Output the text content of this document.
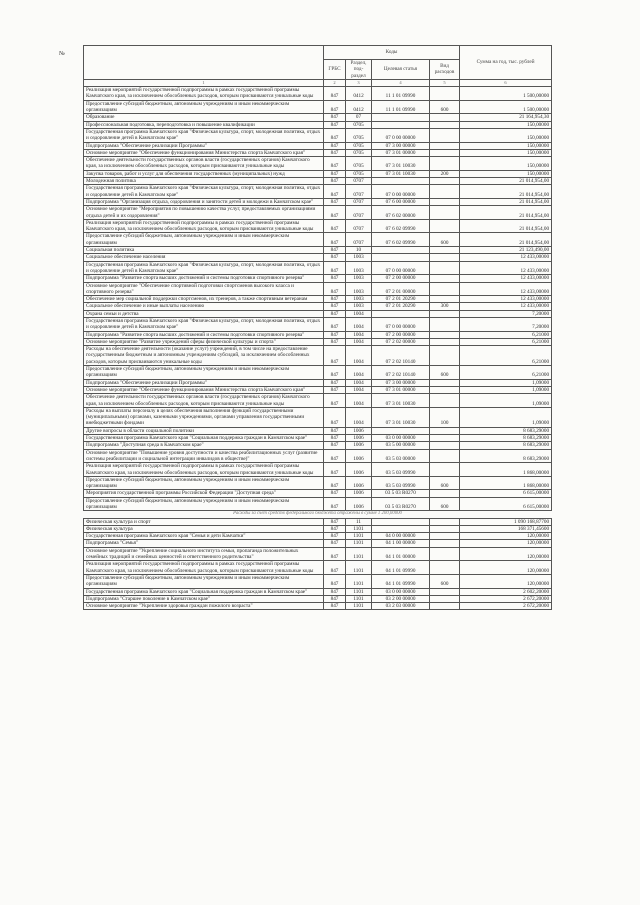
№
		Коды				Сумма на год, тыс. рублей
	ГРБС	Раздел, под- раздел	Целевая статья	Вид расходов	
1	2	3	4	5	6
Реализация мероприятий государственной подпрограммы в рамках государственной программы Камчатского края, за исключением обособленных расходов, которым присваиваются уникальные коды	847	0412	11 1 01 09990		1 500,00000
Предоставление субсидий бюджетным, автономным учреждениям и иным некоммерческим организациям	847	0412	11 1 01 09990	600	1 500,00000
Образование	847	07			21 164,954,30
Профессиональная подготовка, переподготовка и повышение квалификации	847	0705			150,00000
Государственная программа Камчатского края "Физическая культура, спорт, молодежная политика, отдых и оздоровление детей в Камчатском крае"	847	0705	07 0 00 00000		150,00000
Подпрограмма "Обеспечение реализации Программы"	847	0705	07 3 00 00000		150,00000
Основное мероприятие "Обеспечение функционирования Министерства спорта Камчатского края"	847	0705	07 3 01 00000		150,00000
Обеспечение деятельности государственных органов власти (государственных органов) Камчатского края, за исключением обособленных расходов, которым присваиваются уникальные коды	847	0705	07 3 01 10030		150,00000
Закупка товаров, работ и услуг для обеспечения государственных (муниципальных) нужд	847	0705	07 3 01 10030	200	150,00000
Молодежная политика	847	0707			21 014,954,00
Государственная программа Камчатского края "Физическая культура, спорт, молодежная политика, отдых и оздоровление детей в Камчатском крае"	847	0707	07 0 00 00000		21 014,954,00
Подпрограмма "Организация отдыха, оздоровления и занятости детей и молодежи в Камчатском крае"	847	0707	07 6 00 00000		21 014,954,00
Основное мероприятие "Мероприятия по повышению качества услуг, предоставляемых организациями отдыха детей и их оздоровления"	847	0707	07 6 02 00000		21 014,954,00
Реализация мероприятий государственной подпрограммы в рамках государственной программы Камчатского края, за исключением обособленных расходов, которым присваиваются уникальные коды	847	0707	07 6 02 09990		21 014,954,00
Предоставление субсидий бюджетным, автономным учреждениям и иным некоммерческим организациям	847	0707	07 6 02 09990	600	21 014,954,00
Социальная политика	847	10			21 123,490,00
Социальное обеспечение населения	847	1003			12 433,00000
Государственная программа Камчатского края "Физическая культура, спорт, молодежная политика, отдых и оздоровление детей в Камчатском крае"	847	1003	07 0 00 00000		12 433,00000
Подпрограмма "Развитие спорта высших достижений и системы подготовки спортивного резерва"	847	1003	07 2 00 00000		12 433,00000
Основное мероприятие "Обеспечение спортивной подготовки спортсменов высокого класса и спортивного резерва"	847	1003	07 2 01 00000		12 433,00000
Обеспечение мер социальной поддержки спортсменов, их тренеров, а также спортивным ветеранам	847	1003	07 2 01 20290		12 433,00000
Социальное обеспечение и иные выплаты населению	847	1003	07 2 01 20290	300	12 433,00000
Охрана семьи и детства	847	1004			7,20000
Государственная программа Камчатского края "Физическая культура, спорт, молодежная политика, отдых и оздоровление детей в Камчатском крае"	847	1004	07 0 00 00000		7,20000
Подпрограмма "Развитие спорта высших достижений и системы подготовки спортивного резерва"	847	1004	07 2 00 00000		6,21000
Основное мероприятие "Развитие учреждений сферы физической культуры и спорта"	847	1004	07 2 02 00000		6,21000
Расходы на обеспечение деятельности (оказание услуг) учреждений, в том числе на предоставление государственным бюджетным и автономным учреждениям субсидий, за исключением обособленных расходов, которым присваиваются уникальные коды	847	1004	07 2 02 10140		6,21000
Предоставление субсидий бюджетным, автономным учреждениям и иным некоммерческим организациям	847	1004	07 2 02 10140	600	6,21000
Подпрограмма "Обеспечение реализации Программы"	847	1004	07 3 00 00000		1,09000
Основное мероприятие "Обеспечение функционирования Министерства спорта Камчатского края"	847	1004	07 3 01 00000		1,09000
Обеспечение деятельности государственных органов власти (государственных органов) Камчатского края, за исключением обособленных расходов, которым присваиваются уникальные коды	847	1004	07 3 01 10030		1,09000
Расходы на выплаты персоналу в целях обеспечения выполнения функций государственными (муниципальными) органами, казенными учреждениями, органами управления государственными внебюджетными фондами	847	1004	07 3 01 10030	100	1,09000
Другие вопросы в области социальной политики	847	1006			8 683,29000
Государственная программа Камчатского края "Социальная поддержка граждан в Камчатском крае"	847	1006	03 0 00 00000		8 683,29000
Подпрограмма "Доступная среда в Камчатском крае"	847	1006	03 5 00 00000		8 683,29000
Основное мероприятие "Повышение уровня доступности и качества реабилитационных услуг (развитие системы реабилитации и социальной интеграции инвалидов в обществе)"	847	1006	03 5 03 00000		8 683,29000
Реализация мероприятий государственной подпрограммы в рамках государственной программы Камчатского края, за исключением обособленных расходов, которым присваиваются уникальные коды	847	1006	03 5 03 09990		1 868,00000
Предоставление субсидий бюджетным, автономным учреждениям и иным некоммерческим организациям	847	1006	03 5 03 09990	600	1 868,00000
Мероприятия государственной программы Российской Федерации "Доступная среда"	847	1006	03 5 03 R0270		6 615,00000
Предоставление субсидий бюджетным, автономным учреждениям и иным некоммерческим организациям	847	1006	03 5 03 R0270	600	6 615,00000
Расходы за счет средств федерального бюджета отражены в сумме 1 200,00000					
Физическая культура и спорт	847	11			1 090 168,87700
Физическая культура	847	1101			168 371,45600
Государственная программа Камчатского края "Семья и дети Камчатки"	847	1101	04 0 00 00000		120,00000
Подпрограмма "Семья"	847	1101	04 1 00 00000		120,00000
Основное мероприятие "Укрепление социального института семьи, пропаганда положительных семейных традиций и семейных ценностей и ответственного родительства"	847	1101	04 1 01 00000		120,00000
Реализация мероприятий государственной подпрограммы в рамках государственной программы Камчатского края, за исключением обособленных расходов, которым присваиваются уникальные коды	847	1101	04 1 01 09990		120,00000
Предоставление субсидий бюджетным, автономным учреждениям и иным некоммерческим организациям	847	1101	04 1 01 09990	600	120,00000
Государственная программа Камчатского края "Социальная поддержка граждан в Камчатском крае"	847	1101	03 0 00 00000		2 602,20000
Подпрограмма "Старшее поколение в Камчатском крае"	847	1101	03 2 00 00000		2 672,20000
Основное мероприятие "Укрепление здоровья граждан пожилого возраста"	847	1101	03 2 03 00000		2 672,20000
